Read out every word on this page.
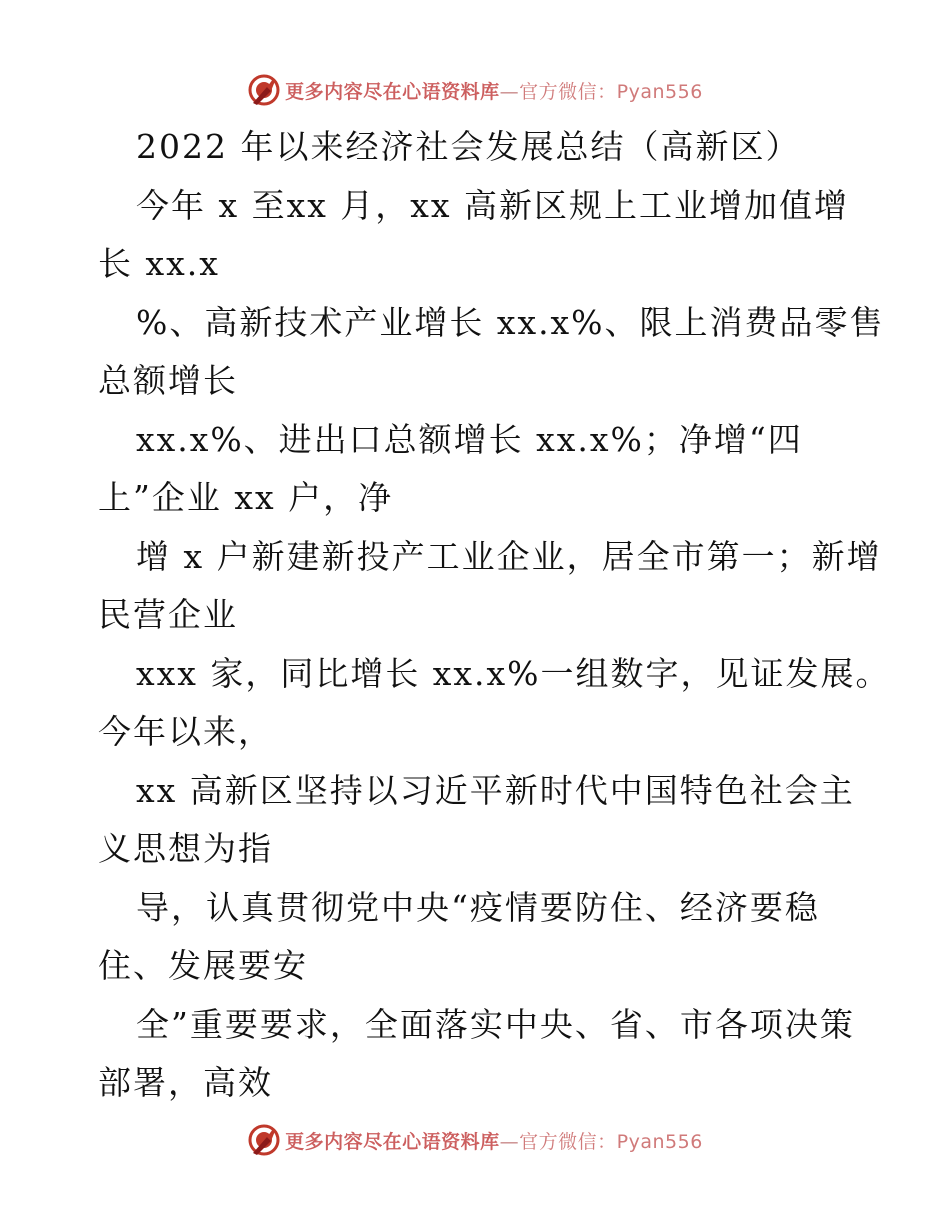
更多内容尽在心语资料库—官方微信：Pyan556
2022 年以来经济社会发展总结（高新区）
今年 x 至xx 月，xx 高新区规上工业增加值增
长 xx.x
%、高新技术产业增长 xx.x%、限上消费品零售
总额增长
xx.x%、进出口总额增长 xx.x%；净增“四
上”企业 xx 户，净
增 x 户新建新投产工业企业，居全市第一；新增
民营企业
xxx 家，同比增长 xx.x%一组数字，见证发展。
今年以来，
xx 高新区坚持以习近平新时代中国特色社会主
义思想为指
导，认真贯彻党中央“疫情要防住、经济要稳
住、发展要安
全”重要要求，全面落实中央、省、市各项决策
部署，高效
更多内容尽在心语资料库—官方微信：Pyan556
